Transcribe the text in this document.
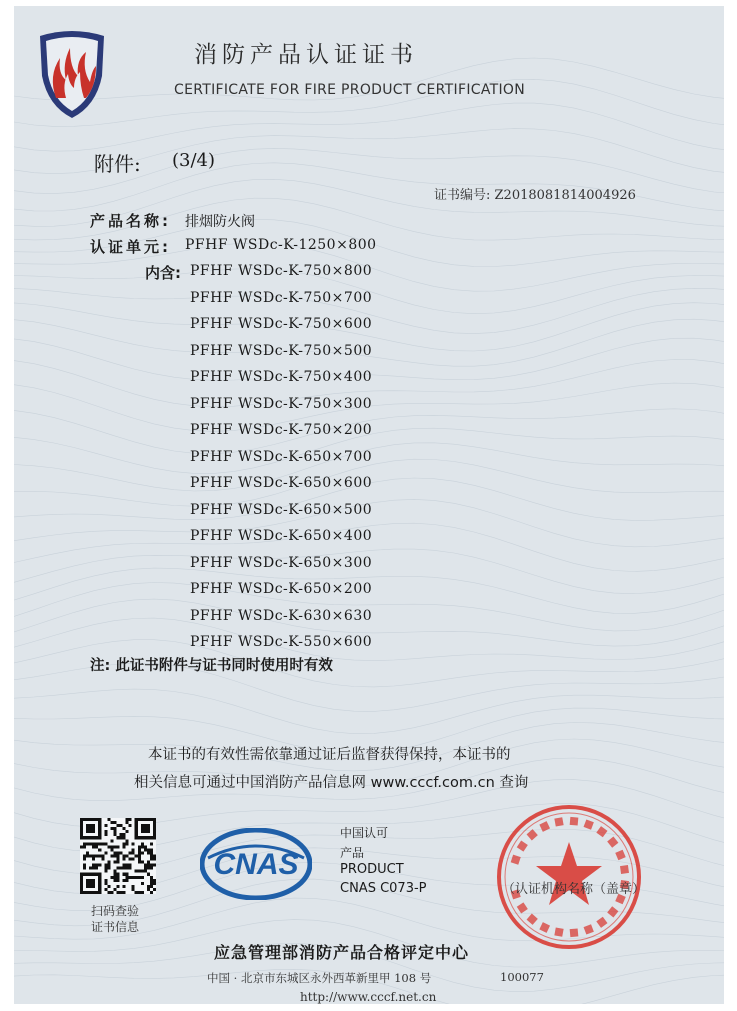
消防产品认证证书
CERTIFICATE FOR FIRE PRODUCT CERTIFICATION
附件: (3/4)
证书编号: Z2018081814004926
产品名称: 排烟防火阀
认证单元: PFHF WSDc-K-1250×800
内含: PFHF WSDc-K-750×800
PFHF WSDc-K-750×700
PFHF WSDc-K-750×600
PFHF WSDc-K-750×500
PFHF WSDc-K-750×400
PFHF WSDc-K-750×300
PFHF WSDc-K-750×200
PFHF WSDc-K-650×700
PFHF WSDc-K-650×600
PFHF WSDc-K-650×500
PFHF WSDc-K-650×400
PFHF WSDc-K-650×300
PFHF WSDc-K-650×200
PFHF WSDc-K-630×630
PFHF WSDc-K-550×600
注: 此证书附件与证书同时使用时有效
本证书的有效性需依靠通过证后监督获得保持，本证书的
相关信息可通过中国消防产品信息网 www.cccf.com.cn 查询
扫码查验
证书信息
CNAS
中国认可
产品
PRODUCT
CNAS C073-P	（认证机构名称（盖章）
应急管理部消防产品合格评定中心
中国 · 北京市东城区永外西革新里甲 108 号	100077
http://www.cccf.net.cn
